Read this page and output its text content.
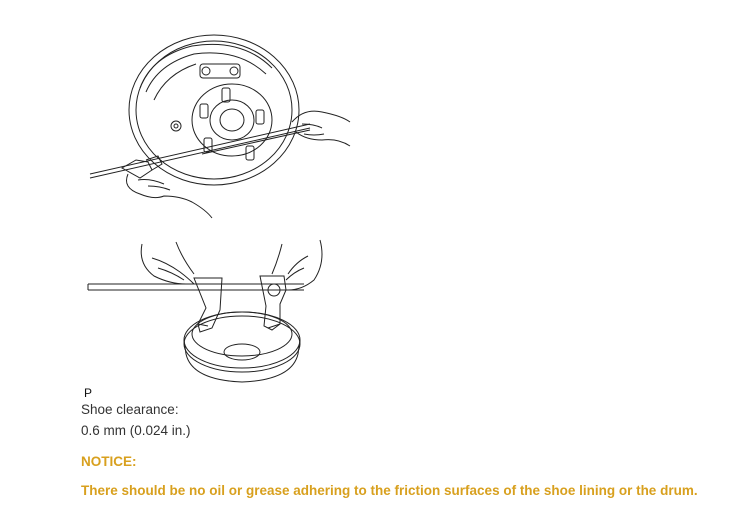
P
Shoe clearance:
0.6 mm (0.024 in.)
NOTICE:
There should be no oil or grease adhering to the friction surfaces of the shoe lining or the drum.
